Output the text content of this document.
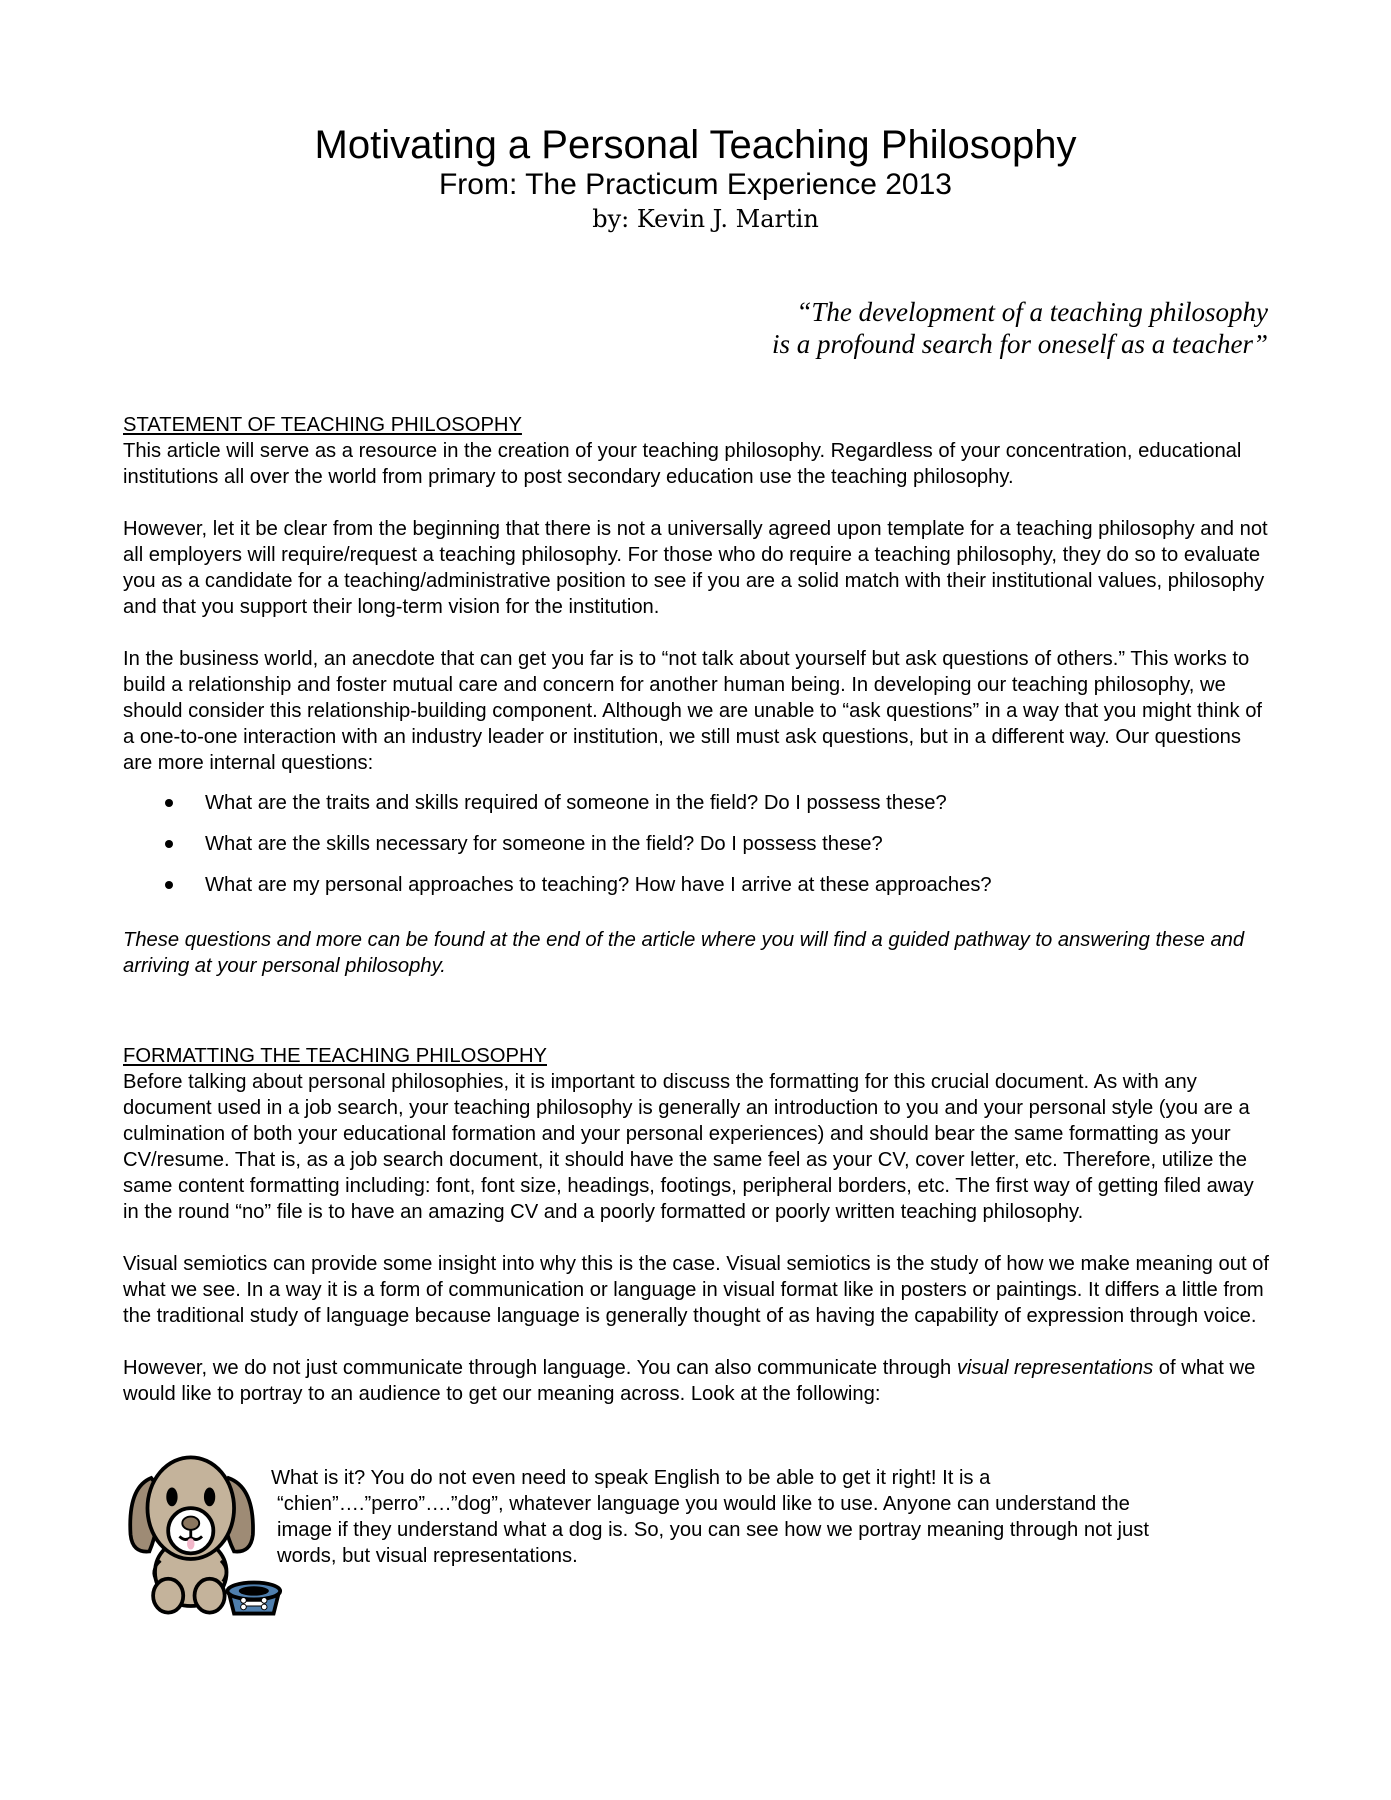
Motivating a Personal Teaching Philosophy
From: The Practicum Experience 2013
by: Kevin J. Martin
“The development of a teaching philosophy
is a profound search for oneself as a teacher”
STATEMENT OF TEACHING PHILOSOPHY

This article will serve as a resource in the creation of your teaching philosophy. Regardless of your concentration, educational institutions all over the world from primary to post secondary education use the teaching philosophy.

However, let it be clear from the beginning that there is not a universally agreed upon template for a teaching philosophy and not all employers will require/request a teaching philosophy. For those who do require a teaching philosophy, they do so to evaluate you as a candidate for a teaching/administrative position to see if you are a solid match with their institutional values, philosophy and that you support their long-term vision for the institution.

In the business world, an anecdote that can get you far is to “not talk about yourself but ask questions of others.” This works to build a relationship and foster mutual care and concern for another human being. In developing our teaching philosophy, we should consider this relationship-building component. Although we are unable to “ask questions” in a way that you might think of a one-to-one interaction with an industry leader or institution, we still must ask questions, but in a different way. Our questions are more internal questions:

What are the traits and skills required of someone in the field? Do I possess these?
What are the skills necessary for someone in the field? Do I possess these?
What are my personal approaches to teaching? How have I arrive at these approaches?

These questions and more can be found at the end of the article where you will find a guided pathway to answering these and arriving at your personal philosophy.

FORMATTING THE TEACHING PHILOSOPHY

Before talking about personal philosophies, it is important to discuss the formatting for this crucial document. As with any document used in a job search, your teaching philosophy is generally an introduction to you and your personal style (you are a culmination of both your educational formation and your personal experiences) and should bear the same formatting as your CV/resume. That is, as a job search document, it should have the same feel as your CV, cover letter, etc. Therefore, utilize the same content formatting including: font, font size, headings, footings, peripheral borders, etc. The first way of getting filed away in the round “no” file is to have an amazing CV and a poorly formatted or poorly written teaching philosophy.

Visual semiotics can provide some insight into why this is the case. Visual semiotics is the study of how we make meaning out of what we see. In a way it is a form of communication or language in visual format like in posters or paintings. It differs a little from the traditional study of language because language is generally thought of as having the capability of expression through voice.

However, we do not just communicate through language. You can also communicate through visual representations of what we would like to portray to an audience to get our meaning across. Look at the following:

What is it? You do not even need to speak English to be able to get it right! It is a

“chien”….”perro”….”dog”, whatever language you would like to use. Anyone can understand the

image if they understand what a dog is. So, you can see how we portray meaning through not just

words, but visual representations.
